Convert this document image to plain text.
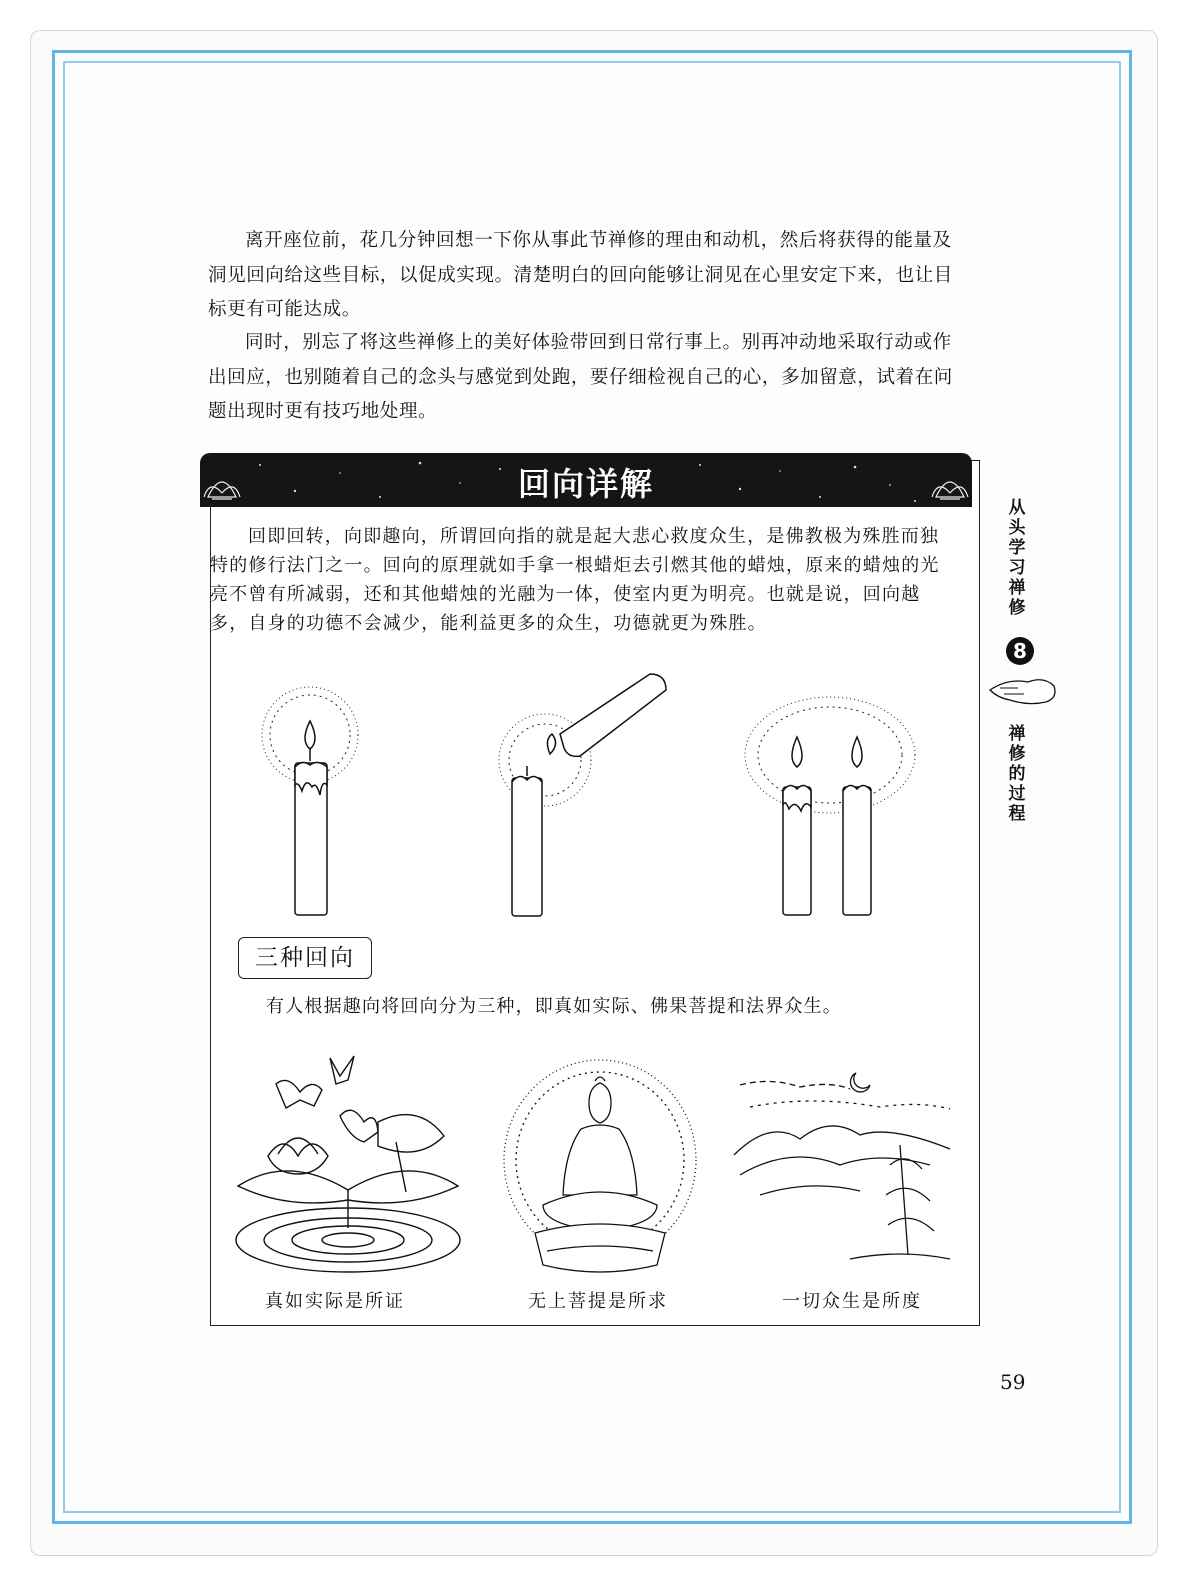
离开座位前，花几分钟回想一下你从事此节禅修的理由和动机，然后将获得的能量及洞见回向给这些目标，以促成实现。清楚明白的回向能够让洞见在心里安定下来，也让目标更有可能达成。

同时，别忘了将这些禅修上的美好体验带回到日常行事上。别再冲动地采取行动或作出回应，也别随着自己的念头与感觉到处跑，要仔细检视自己的心，多加留意，试着在问题出现时更有技巧地处理。

回向详解

回即回转，向即趣向，所谓回向指的就是起大悲心救度众生，是佛教极为殊胜而独特的修行法门之一。回向的原理就如手拿一根蜡炬去引燃其他的蜡烛，原来的蜡烛的光亮不曾有所减弱，还和其他蜡烛的光融为一体，使室内更为明亮。也就是说，回向越多，自身的功德不会减少，能利益更多的众生，功德就更为殊胜。

三种回向
有人根据趣向将回向分为三种，即真如实际、佛果菩提和法界众生。
真如实际是所证	无上菩提是所求	一切众生是所度
从头学习禅修
8
禅修的过程
59
